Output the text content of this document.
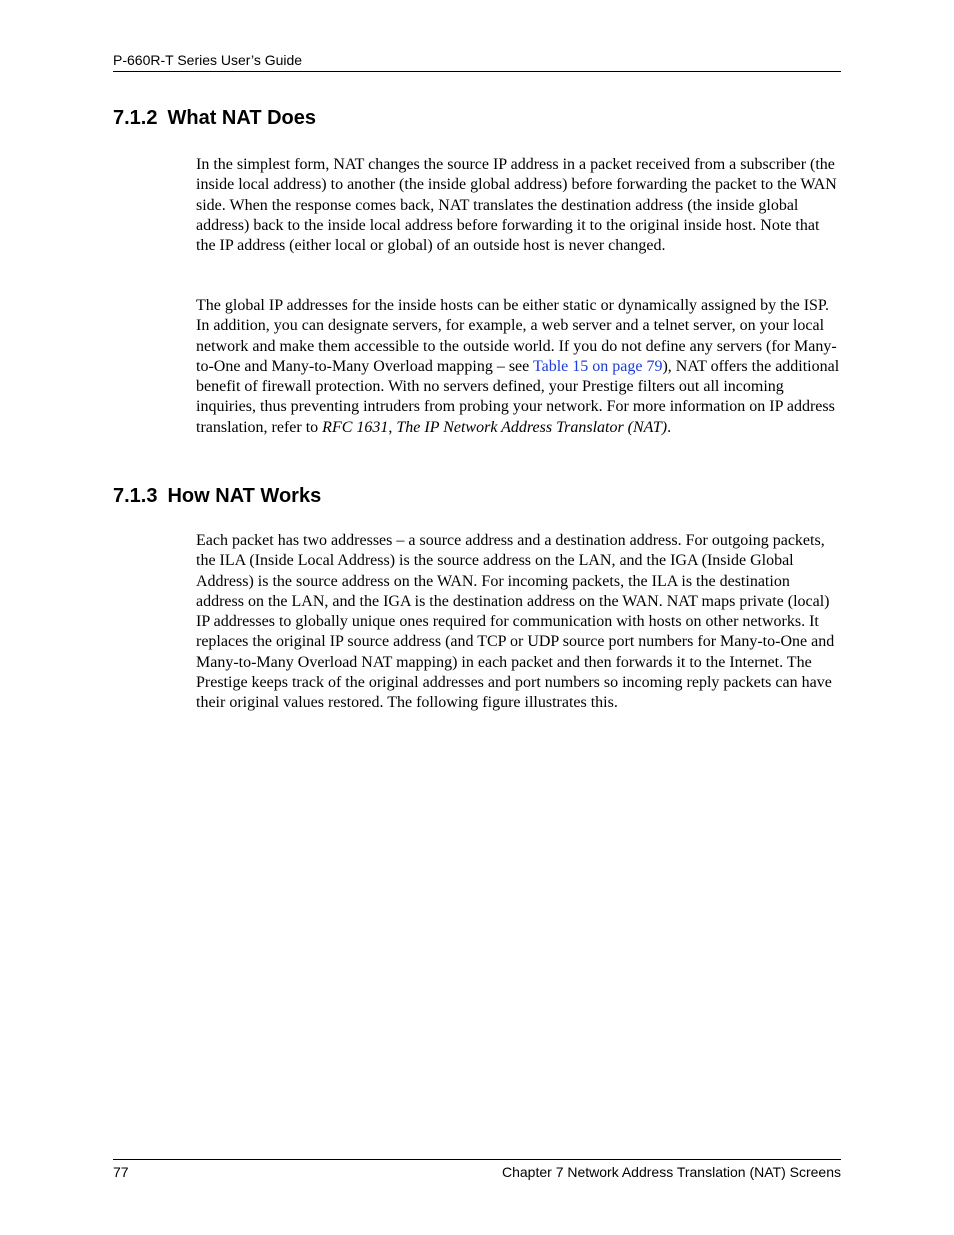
P-660R-T Series User’s Guide
7.1.2 What NAT Does

In the simplest form, NAT changes the source IP address in a packet received from a subscriber (the inside local address) to another (the inside global address) before forwarding the packet to the WAN side. When the response comes back, NAT translates the destination address (the inside global address) back to the inside local address before forwarding it to the original inside host. Note that the IP address (either local or global) of an outside host is never changed.

The global IP addresses for the inside hosts can be either static or dynamically assigned by the ISP. In addition, you can designate servers, for example, a web server and a telnet server, on your local network and make them accessible to the outside world. If you do not define any servers (for Many-to-One and Many-to-Many Overload mapping – see Table 15 on page 79), NAT offers the additional benefit of firewall protection. With no servers defined, your Prestige filters out all incoming inquiries, thus preventing intruders from probing your network. For more information on IP address translation, refer to RFC 1631, The IP Network Address Translator (NAT).

7.1.3 How NAT Works

Each packet has two addresses – a source address and a destination address. For outgoing packets, the ILA (Inside Local Address) is the source address on the LAN, and the IGA (Inside Global Address) is the source address on the WAN. For incoming packets, the ILA is the destination address on the LAN, and the IGA is the destination address on the WAN. NAT maps private (local) IP addresses to globally unique ones required for communication with hosts on other networks. It replaces the original IP source address (and TCP or UDP source port numbers for Many-to-One and Many-to-Many Overload NAT mapping) in each packet and then forwards it to the Internet. The Prestige keeps track of the original addresses and port numbers so incoming reply packets can have their original values restored. The following figure illustrates this.

77	Chapter 7 Network Address Translation (NAT) Screens
